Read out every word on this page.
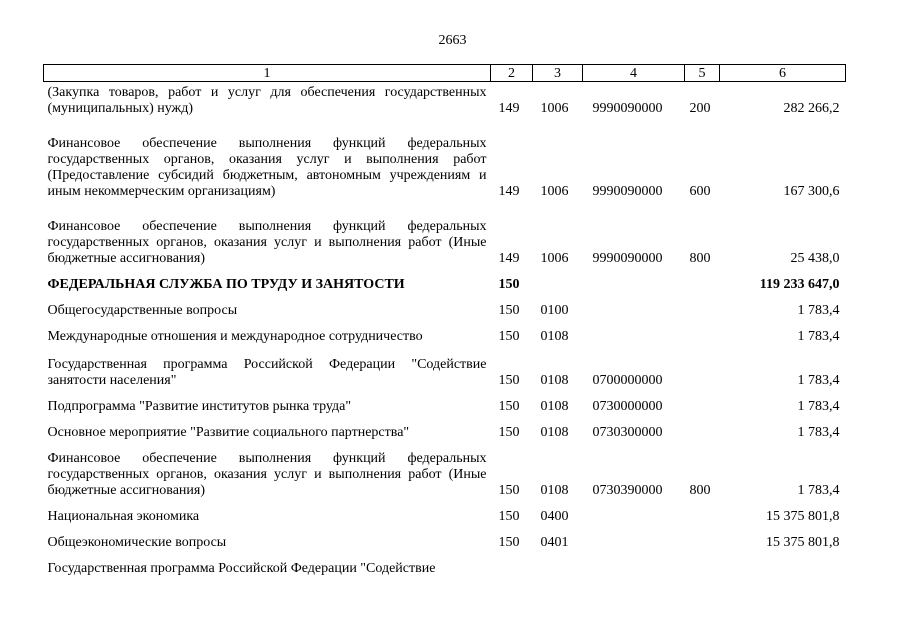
2663
1	2	3	4	5	6
(Закупка товаров, работ и услуг для обеспечения государственных (муниципальных) нужд)	149	1006	9990090000	200	282 266,2
Финансовое обеспечение выполнения функций федеральных государственных органов, оказания услуг и выполнения работ (Предоставление субсидий бюджетным, автономным учреждениям и иным некоммерческим организациям)	149	1006	9990090000	600	167 300,6
Финансовое обеспечение выполнения функций федеральных государственных органов, оказания услуг и выполнения работ (Иные бюджетные ассигнования)	149	1006	9990090000	800	25 438,0
ФЕДЕРАЛЬНАЯ СЛУЖБА ПО ТРУДУ И ЗАНЯТОСТИ	150				119 233 647,0
Общегосударственные вопросы	150	0100			1 783,4
Международные отношения и международное сотрудничество	150	0108			1 783,4
Государственная программа Российской Федерации "Содействие занятости населения"	150	0108	0700000000		1 783,4
Подпрограмма "Развитие институтов рынка труда"	150	0108	0730000000		1 783,4
Основное мероприятие "Развитие социального партнерства"	150	0108	0730300000		1 783,4
Финансовое обеспечение выполнения функций федеральных государственных органов, оказания услуг и выполнения работ (Иные бюджетные ассигнования)	150	0108	0730390000	800	1 783,4
Национальная экономика	150	0400			15 375 801,8
Общеэкономические вопросы	150	0401			15 375 801,8
Государственная программа Российской Федерации "Содействие					
